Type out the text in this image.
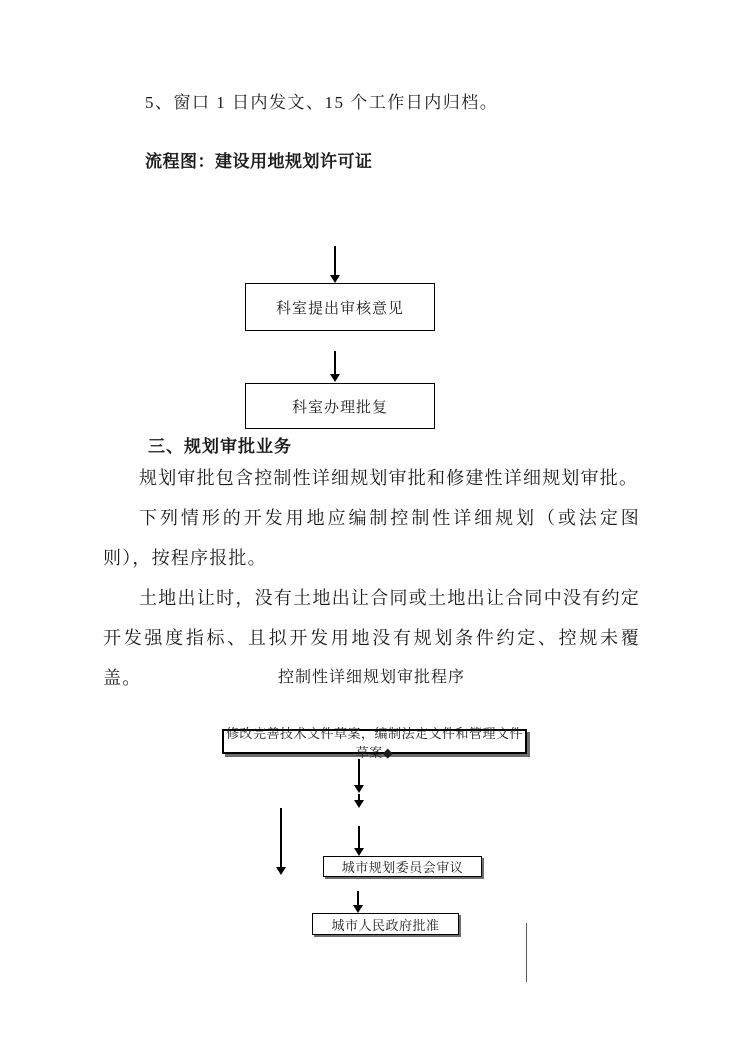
5、窗口 1 日内发文、15 个工作日内归档。
流程图：建设用地规划许可证
科室提出审核意见
科室办理批复
三、规划审批业务

规划审批包含控制性详细规划审批和修建性详细规划审批。

下列情形的开发用地应编制控制性详细规划（或法定图则），按程序报批。

土地出让时，没有土地出让合同或土地出让合同中没有约定开发强度指标、且拟开发用地没有规划条件约定、控规未覆盖。	控制性详细规划审批程序
修改完善技术文件草案，编制法定文件和管理文件草案◆
城市规划委员会审议
城市人民政府批准
